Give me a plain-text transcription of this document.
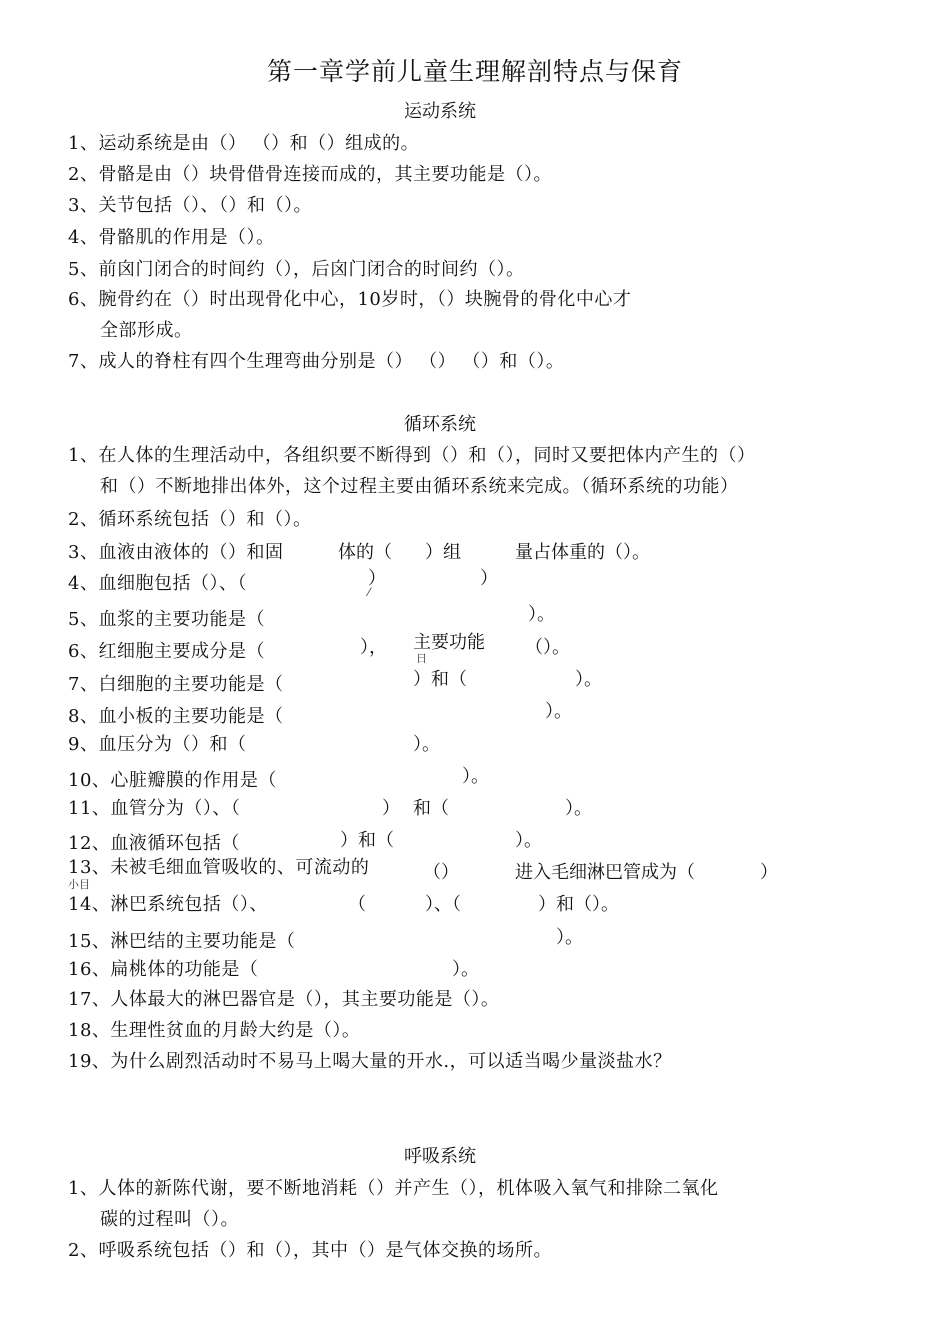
第一章学前儿童生理解剖特点与保育
运动系统
1、运动系统是由（） （）和（）组成的。
2、骨骼是由（）块骨借骨连接而成的，其主要功能是（）。
3、关节包括（）、（）和（）。
4、骨骼肌的作用是（）。
5、前囟门闭合的时间约（），后囟门闭合的时间约（）。
6、腕骨约在（）时出现骨化中心，10岁时，（）块腕骨的骨化中心才
全部形成。
7、成人的脊柱有四个生理弯曲分别是（） （） （）和（）。
循环系统
1、在人体的生理活动中，各组织要不断得到（）和（），同时又要把体内产生的（）
和（）不断地排出体外，这个过程主要由循环系统来完成。（循环系统的功能）
2、循环系统包括（）和（）。
3、血液由液体的（）和固	体的（ ）组	量占体重的（）。
4、血细胞包括（）、（	）	）
⁄
5、血浆的主要功能是（	）。
6、红细胞主要成分是（	）， 主要功能 （）。
日
7、白细胞的主要功能是（	）和（	）。
8、血小板的主要功能是（	）。
9、血压分为（）和（	）。
10、心脏瓣膜的作用是（	）。
11、血管分为（）、（	） 和（	）。
12、血液循环包括（	）和（	）。
13、未被毛细血管吸收的、可流动的	（）	进入毛细淋巴管成为（	）
小目
14、淋巴系统包括（）、	（	）、（	）和（）。
15、淋巴结的主要功能是（	）。
16、扁桃体的功能是（	）。
17、人体最大的淋巴器官是（），其主要功能是（）。
18、生理性贫血的月龄大约是（）。
19、为什么剧烈活动时不易马上喝大量的开水.，可以适当喝少量淡盐水？
呼吸系统
1、人体的新陈代谢，要不断地消耗（）并产生（），机体吸入氧气和排除二氧化
碳的过程叫（）。
2、呼吸系统包括（）和（），其中（）是气体交换的场所。
